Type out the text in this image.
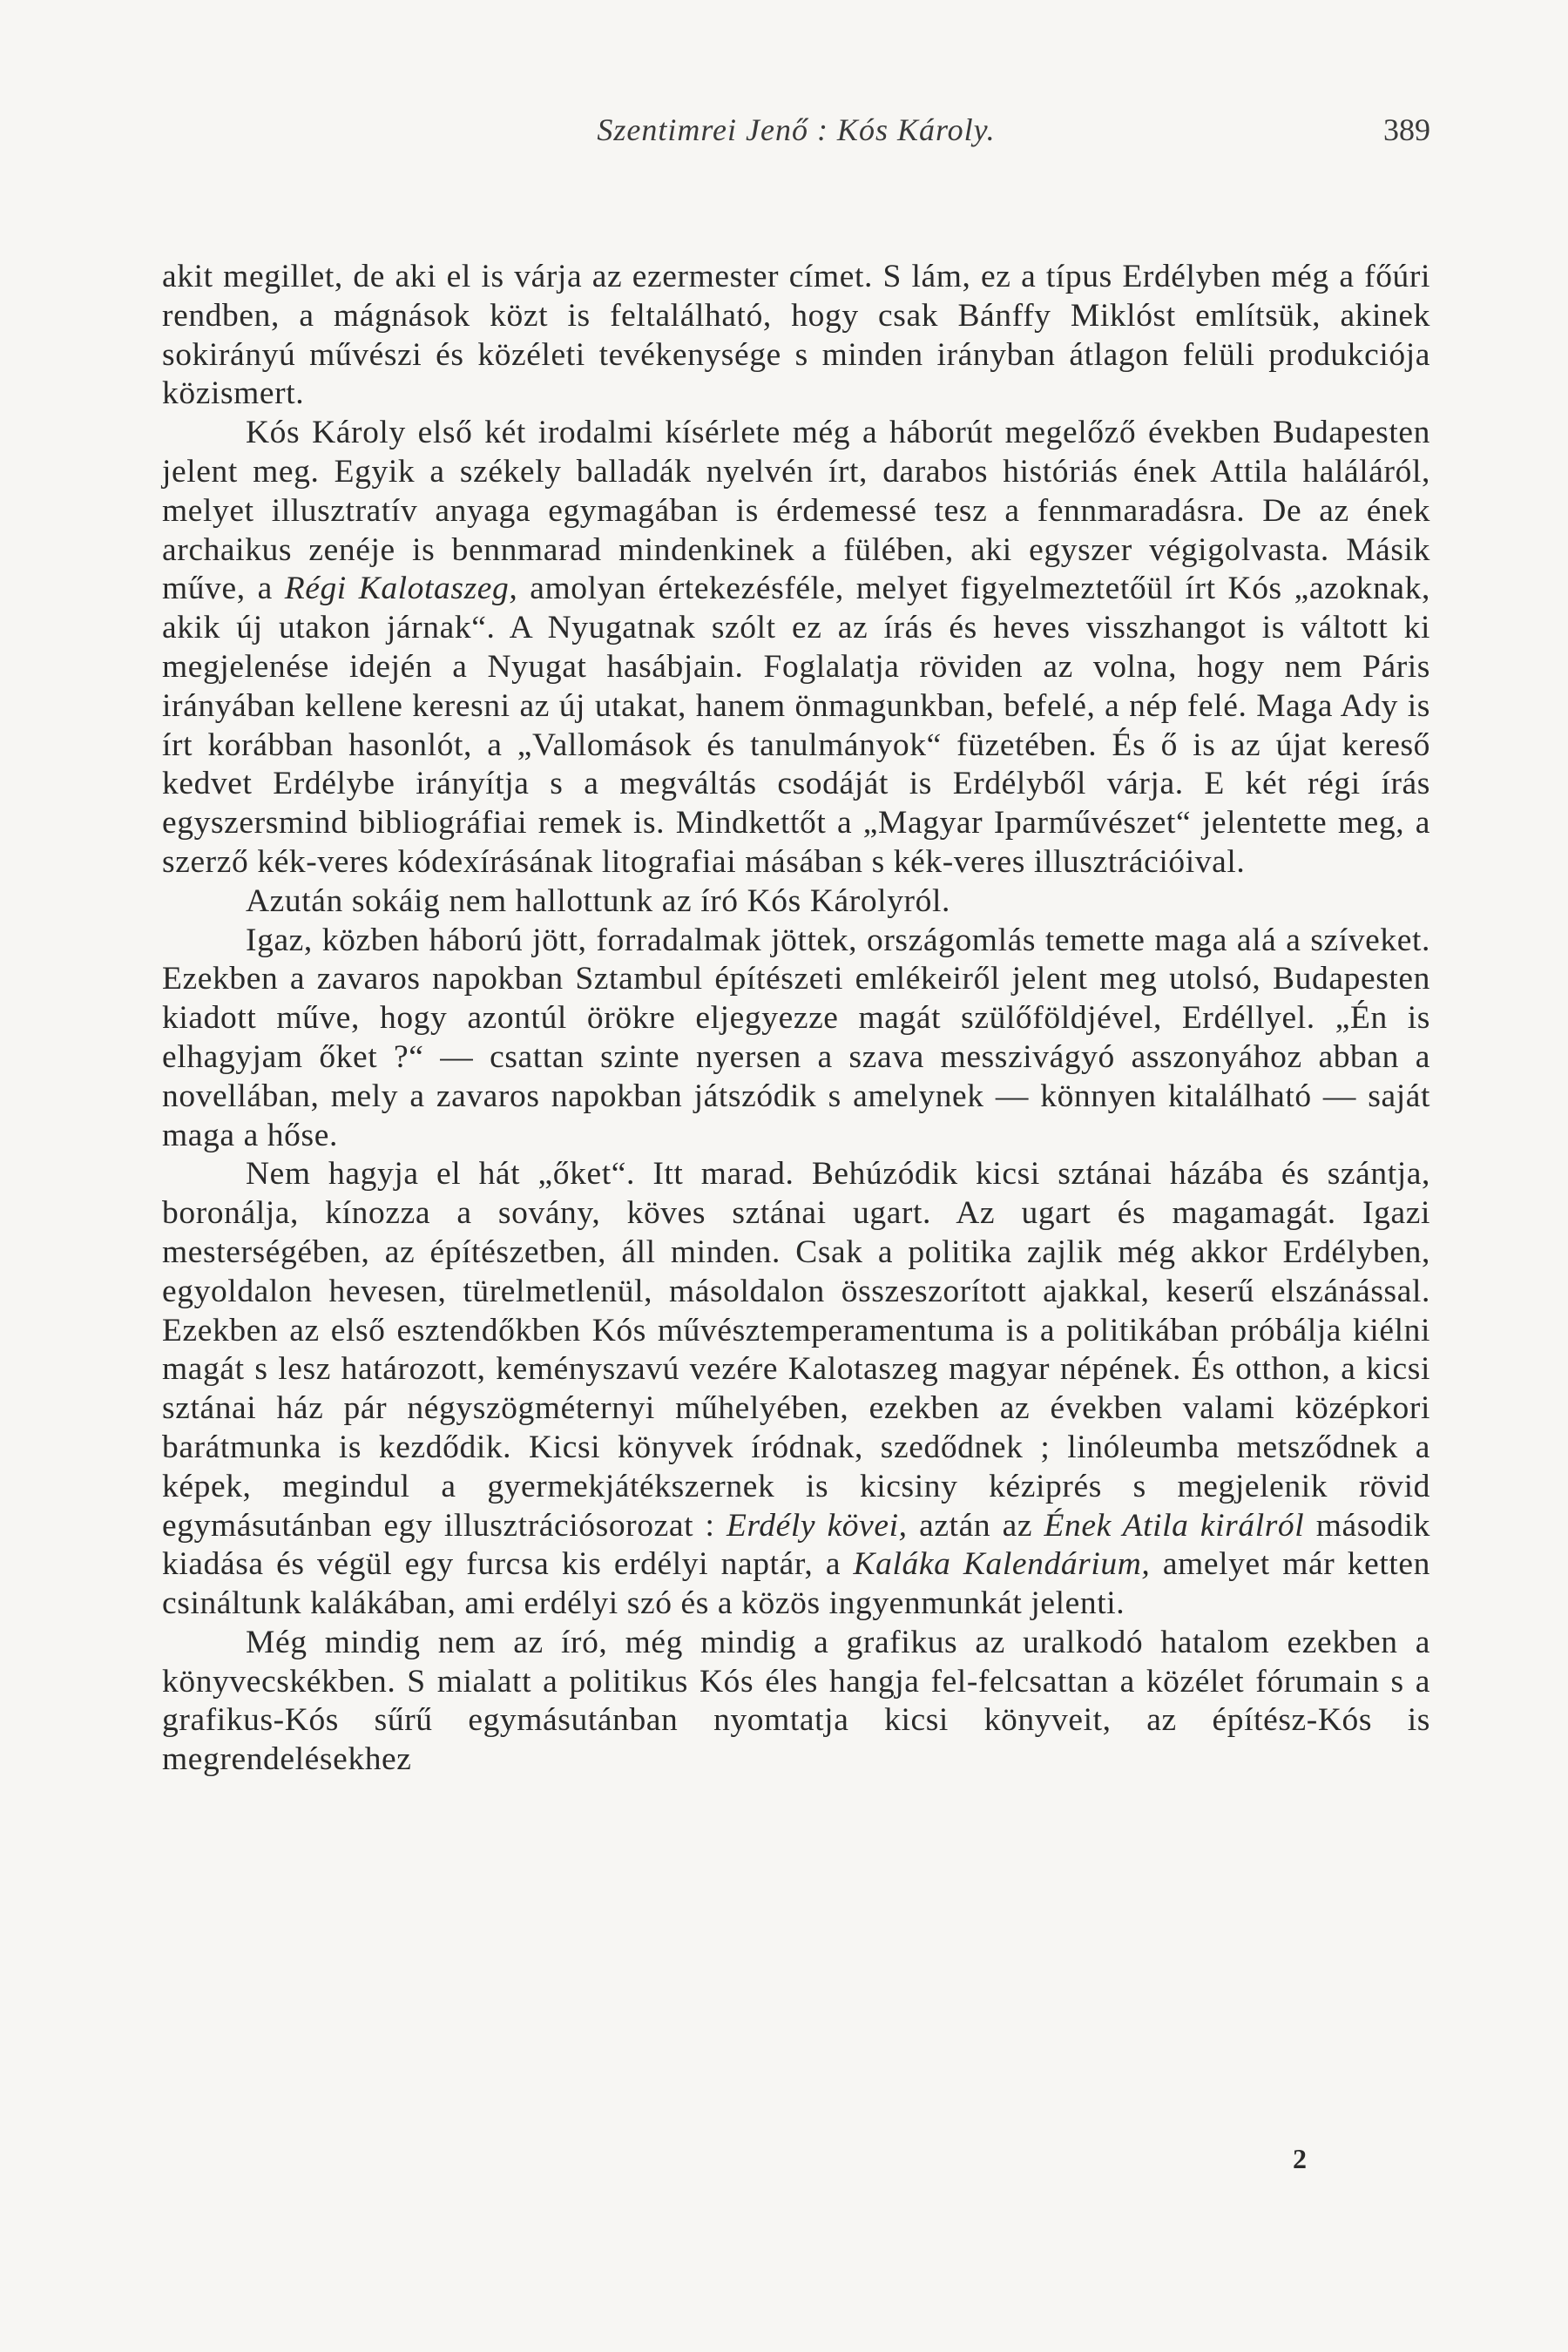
Szentimrei Jenő : Kós Károly.	389

akit megillet, de aki el is várja az ezermester címet. S lám, ez a típus Erdélyben még a főúri rendben, a mágnások közt is feltalálható, hogy csak Bánffy Miklóst említsük, akinek sokirányú művészi és közéleti tevékenysége s minden irányban átlagon felüli produkciója közismert.

Kós Károly első két irodalmi kísérlete még a háborút megelőző években Budapesten jelent meg. Egyik a székely balladák nyelvén írt, darabos históriás ének Attila haláláról, melyet illusztratív anyaga egymagában is érdemessé tesz a fennmaradásra. De az ének archaikus zenéje is bennmarad mindenkinek a fülében, aki egyszer végigolvasta. Másik műve, a Régi Kalotaszeg, amolyan értekezésféle, melyet figyelmeztetőül írt Kós „azoknak, akik új utakon járnak“. A Nyugatnak szólt ez az írás és heves visszhangot is váltott ki megjelenése idején a Nyugat hasábjain. Foglalatja röviden az volna, hogy nem Páris irányában kellene keresni az új utakat, hanem önmagunkban, befelé, a nép felé. Maga Ady is írt korábban hasonlót, a „Vallomások és tanulmányok“ füzetében. És ő is az újat kereső kedvet Erdélybe irányítja s a megváltás csodáját is Erdélyből várja. E két régi írás egyszersmind bibliográfiai remek is. Mindkettőt a „Magyar Iparművészet“ jelentette meg, a szerző kék-veres kódexírásának litografiai másában s kék-veres illusztrációival.

Azután sokáig nem hallottunk az író Kós Károlyról.

Igaz, közben háború jött, forradalmak jöttek, országomlás temette maga alá a szíveket. Ezekben a zavaros napokban Sztambul építészeti emlékeiről jelent meg utolsó, Budapesten kiadott műve, hogy azontúl örökre eljegyezze magát szülőföldjével, Erdéllyel. „Én is elhagyjam őket ?“ — csattan szinte nyersen a szava messzivágyó asszonyához abban a novellában, mely a zavaros napokban játszódik s amelynek — könnyen kitalálható — saját maga a hőse.

Nem hagyja el hát „őket“. Itt marad. Behúzódik kicsi sztánai házába és szántja, boronálja, kínozza a sovány, köves sztánai ugart. Az ugart és magamagát. Igazi mesterségében, az építészetben, áll minden. Csak a politika zajlik még akkor Erdélyben, egyoldalon hevesen, türelmetlenül, másoldalon összeszorított ajakkal, keserű elszánással. Ezekben az első esztendőkben Kós művésztemperamentuma is a politikában próbálja kiélni magát s lesz határozott, keményszavú vezére Kalotaszeg magyar népének. És otthon, a kicsi sztánai ház pár négyszögméternyi műhelyében, ezekben az években valami középkori barátmunka is kezdődik. Kicsi könyvek íródnak, szedődnek ; linóleumba metsződnek a képek, megindul a gyermekjátékszernek is kicsiny kéziprés s megjelenik rövid egymásutánban egy illusztrációsorozat : Erdély kövei, aztán az Ének Atila királról második kiadása és végül egy furcsa kis erdélyi naptár, a Kaláka Kalendárium, amelyet már ketten csináltunk kalákában, ami erdélyi szó és a közös ingyenmunkát jelenti.

Még mindig nem az író, még mindig a grafikus az uralkodó hatalom ezekben a könyvecskékben. S mialatt a politikus Kós éles hangja fel-felcsattan a közélet fórumain s a grafikus-Kós sűrű egymásutánban nyomtatja kicsi könyveit, az építész-Kós is megrendelésekhez

2
